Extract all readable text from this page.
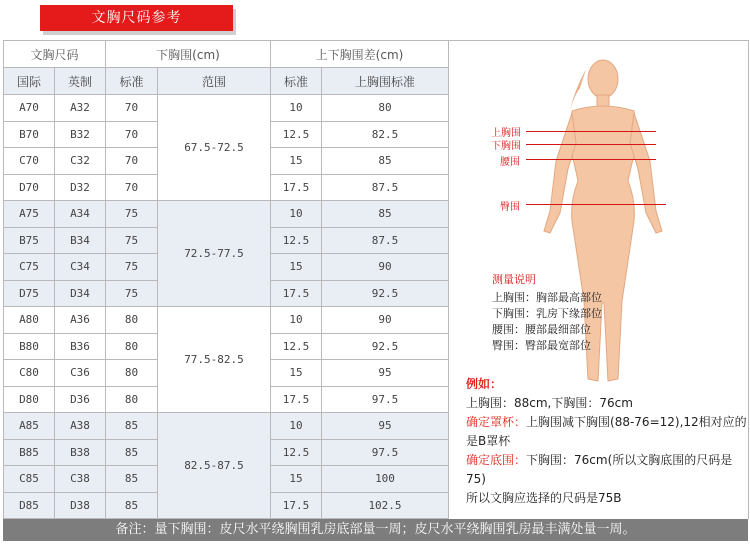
文胸尺码参考
文胸尺码		下胸围(cm)		上下胸围差(cm)	
国际	英制	标准	范围	标准	上胸围标准
A70	A32	70	67.5-72.5	10	80
B70	B32	70		12.5	82.5
C70	C32	70		15	85
D70	D32	70		17.5	87.5
A75	A34	75	72.5-77.5	10	85
B75	B34	75		12.5	87.5
C75	C34	75		15	90
D75	D34	75		17.5	92.5
A80	A36	80	77.5-82.5	10	90
B80	B36	80		12.5	92.5
C80	C36	80		15	95
D80	D36	80		17.5	97.5
A85	A38	85	82.5-87.5	10	95
B85	B38	85		12.5	97.5
C85	C38	85		15	100
D85	D38	85		17.5	102.5
上胸围
下胸围
腰围
臀围
测量说明
上胸围：胸部最高部位
下胸围：乳房下缘部位
腰围：腰部最细部位
臀围：臀部最宽部位
例如：
上胸围：88cm,下胸围：76cm
确定罩杯：上胸围减下胸围(88-76=12),12相对应的是B罩杯
确定底围：下胸围：76cm(所以文胸底围的尺码是75)
所以文胸应选择的尺码是75B
备注：量下胸围：皮尺水平绕胸围乳房底部量一周；皮尺水平绕胸围乳房最丰满处量一周。
